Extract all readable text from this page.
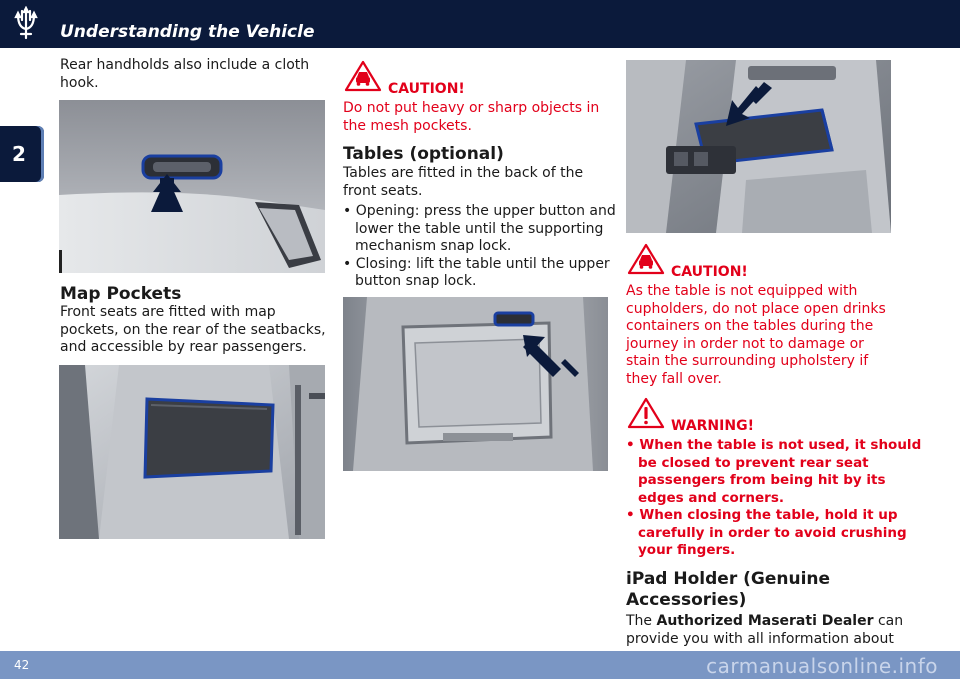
Understanding the Vehicle
2
Rear handholds also include a cloth
hook.
Map Pockets
Front seats are fitted with map
pockets, on the rear of the seatbacks,
and accessible by rear passengers.
CAUTION!
Do not put heavy or sharp objects in
the mesh pockets.
Tables (optional)
Tables are fitted in the back of the
front seats.
• Opening: press the upper button and
lower the table until the supporting
mechanism snap lock.
• Closing: lift the table until the upper
button snap lock.
CAUTION!
As the table is not equipped with
cupholders, do not place open drinks
containers on the tables during the
journey in order not to damage or
stain the surrounding upholstery if
they fall over.
WARNING!
• When the table is not used, it should
be closed to prevent rear seat
passengers from being hit by its
edges and corners.
• When closing the table, hold it up
carefully in order to avoid crushing
your fingers.
iPad Holder (Genuine
Accessories)
The Authorized Maserati Dealer can
provide you with all information about
42	carmanualsonline.info
